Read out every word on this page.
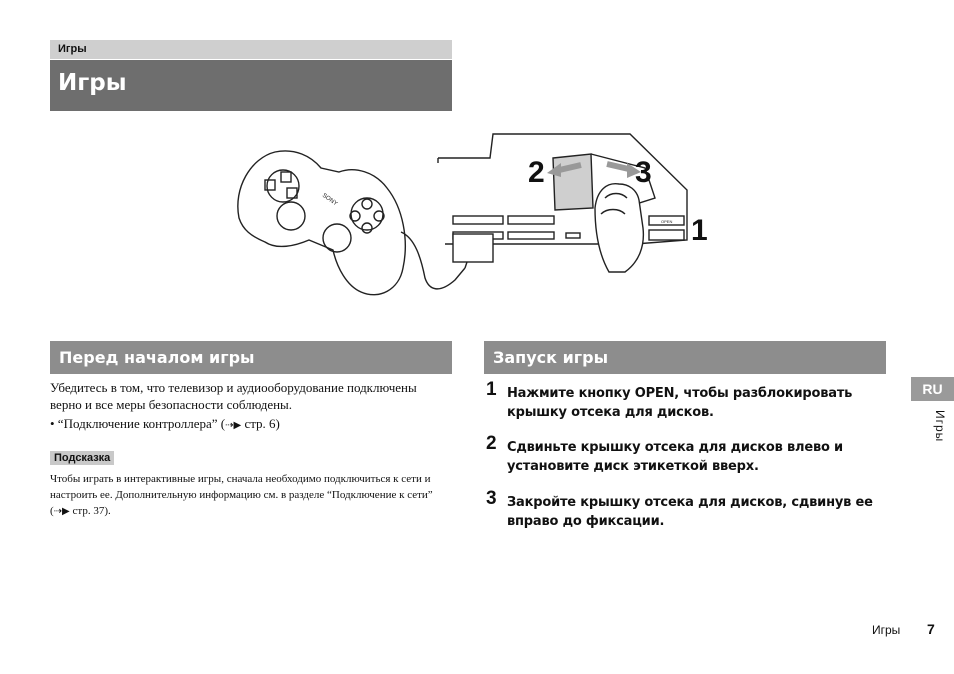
Игры
Игры
OPEN
SONY
2	3
1
Перед началом игры	Запуск игры
Убедитесь в том, что телевизор и аудиооборудование подключены верно и все меры безопасности соблюдены.
• “Подключение контроллера” (⇢▶ стр. 6)
Подсказка
Чтобы играть в интерактивные игры, сначала необходимо подключиться к сети и настроить ее. Дополнительную информацию см. в разделе “Подключение к сети” (⇢▶ стр. 37).
1 Нажмите кнопку OPEN, чтобы разблокировать крышку отсека для дисков.
2 Сдвиньте крышку отсека для дисков влево и установите диск этикеткой вверх.
3 Закройте крышку отсека для дисков, сдвинув ее вправо до фиксации.
RU
Игры
Игры 7
